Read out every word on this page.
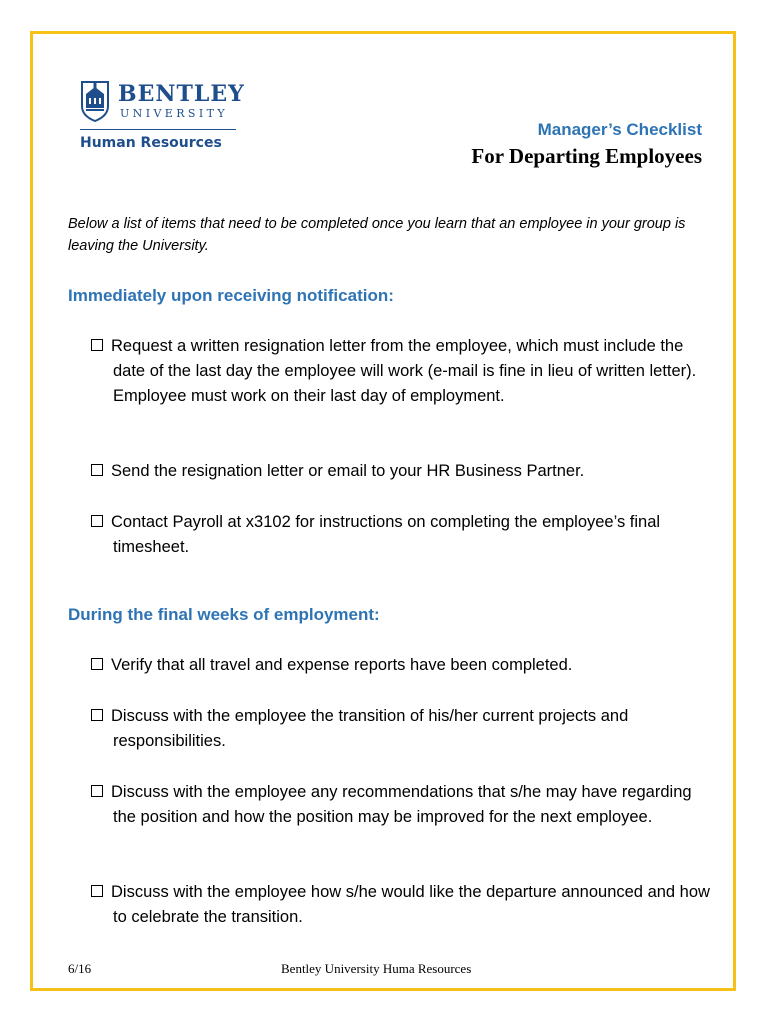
BENTLEY
UNIVERSITY
Human Resources
Manager’s Checklist
For Departing Employees
Below a list of items that need to be completed once you learn that an employee in your group is leaving the University.
Immediately upon receiving notification:
Request a written resignation letter from the employee, which must include the date of the last day the employee will work (e-mail is fine in lieu of written letter). Employee must work on their last day of employment.
Send the resignation letter or email to your HR Business Partner.
Contact Payroll at x3102 for instructions on completing the employee’s final timesheet.
During the final weeks of employment:
Verify that all travel and expense reports have been completed.
Discuss with the employee the transition of his/her current projects and responsibilities.
Discuss with the employee any recommendations that s/he may have regarding the position and how the position may be improved for the next employee.
Discuss with the employee how s/he would like the departure announced and how to celebrate the transition.
6/16	Bentley University Huma Resources
